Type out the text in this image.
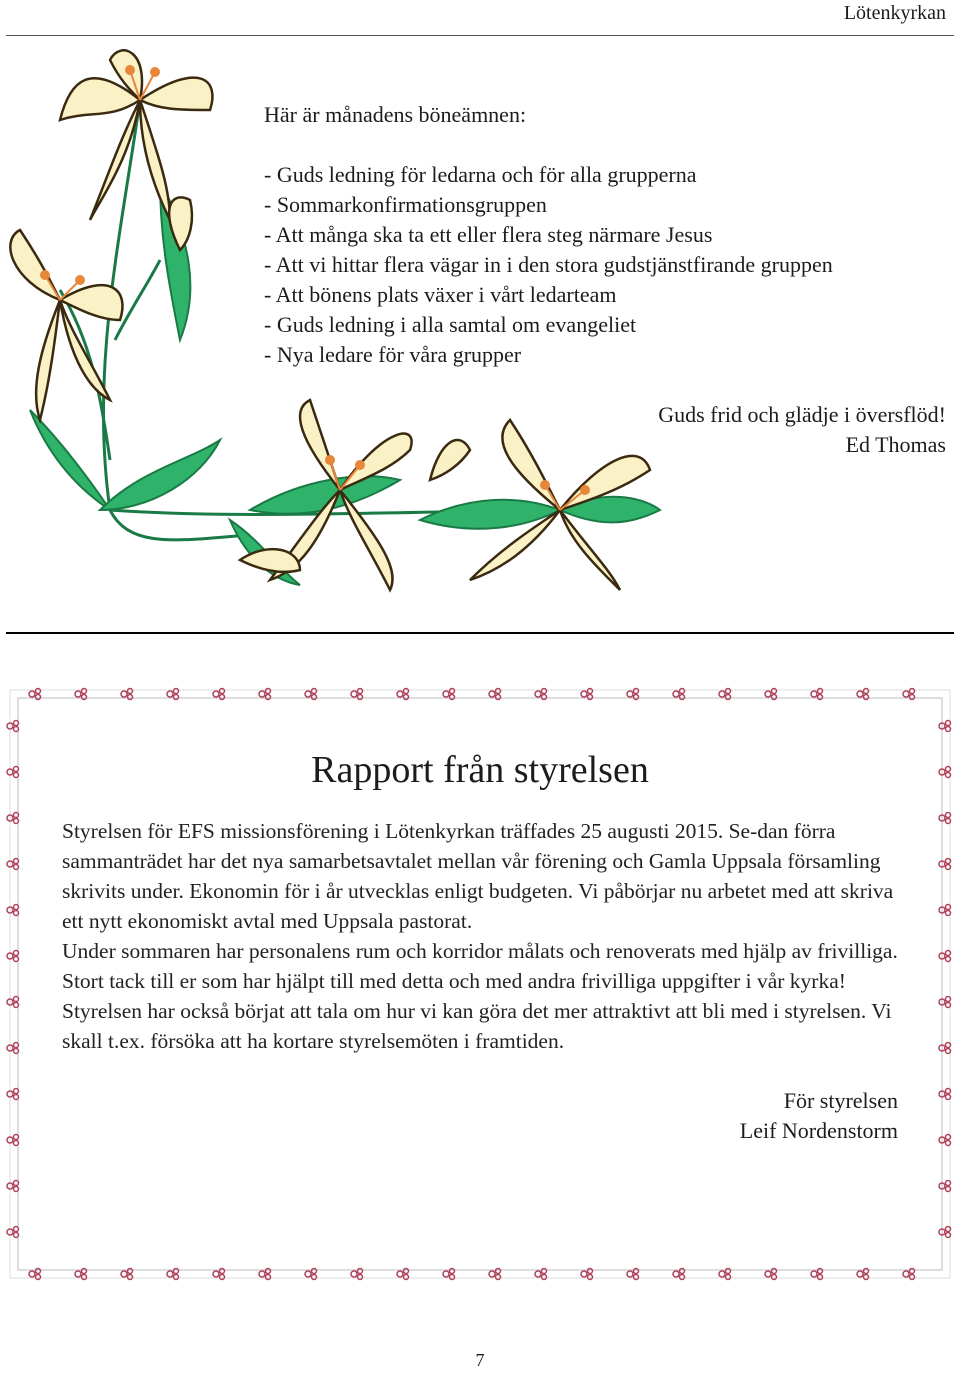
Lötenkyrkan
Här är månadens böneämnen:
- Guds ledning för ledarna och för alla grupperna
- Sommarkonfirmationsgruppen
- Att många ska ta ett eller flera steg närmare Jesus
- Att vi hittar flera vägar in i den stora gudstjänstfirande gruppen
- Att bönens plats växer i vårt ledarteam
- Guds ledning i alla samtal om evangeliet
- Nya ledare för våra grupper
Guds frid och glädje i översflöd!
Ed Thomas
Rapport från styrelsen

Styrelsen för EFS missionsförening i Lötenkyrkan träffades 25 augusti 2015. Se-dan förra sammanträdet har det nya samarbetsavtalet mellan vår förening och Gamla Uppsala församling skrivits under. Ekonomin för i år utvecklas enligt budgeten. Vi påbörjar nu arbetet med att skriva ett nytt ekonomiskt avtal med Uppsala pastorat.

Under sommaren har personalens rum och korridor målats och renoverats med hjälp av frivilliga. Stort tack till er som har hjälpt till med detta och med andra frivilliga uppgifter i vår kyrka!

Styrelsen har också börjat att tala om hur vi kan göra det mer attraktivt att bli med i styrelsen. Vi skall t.ex. försöka att ha kortare styrelsemöten i framtiden.

För styrelsen
Leif Nordenstorm
7
